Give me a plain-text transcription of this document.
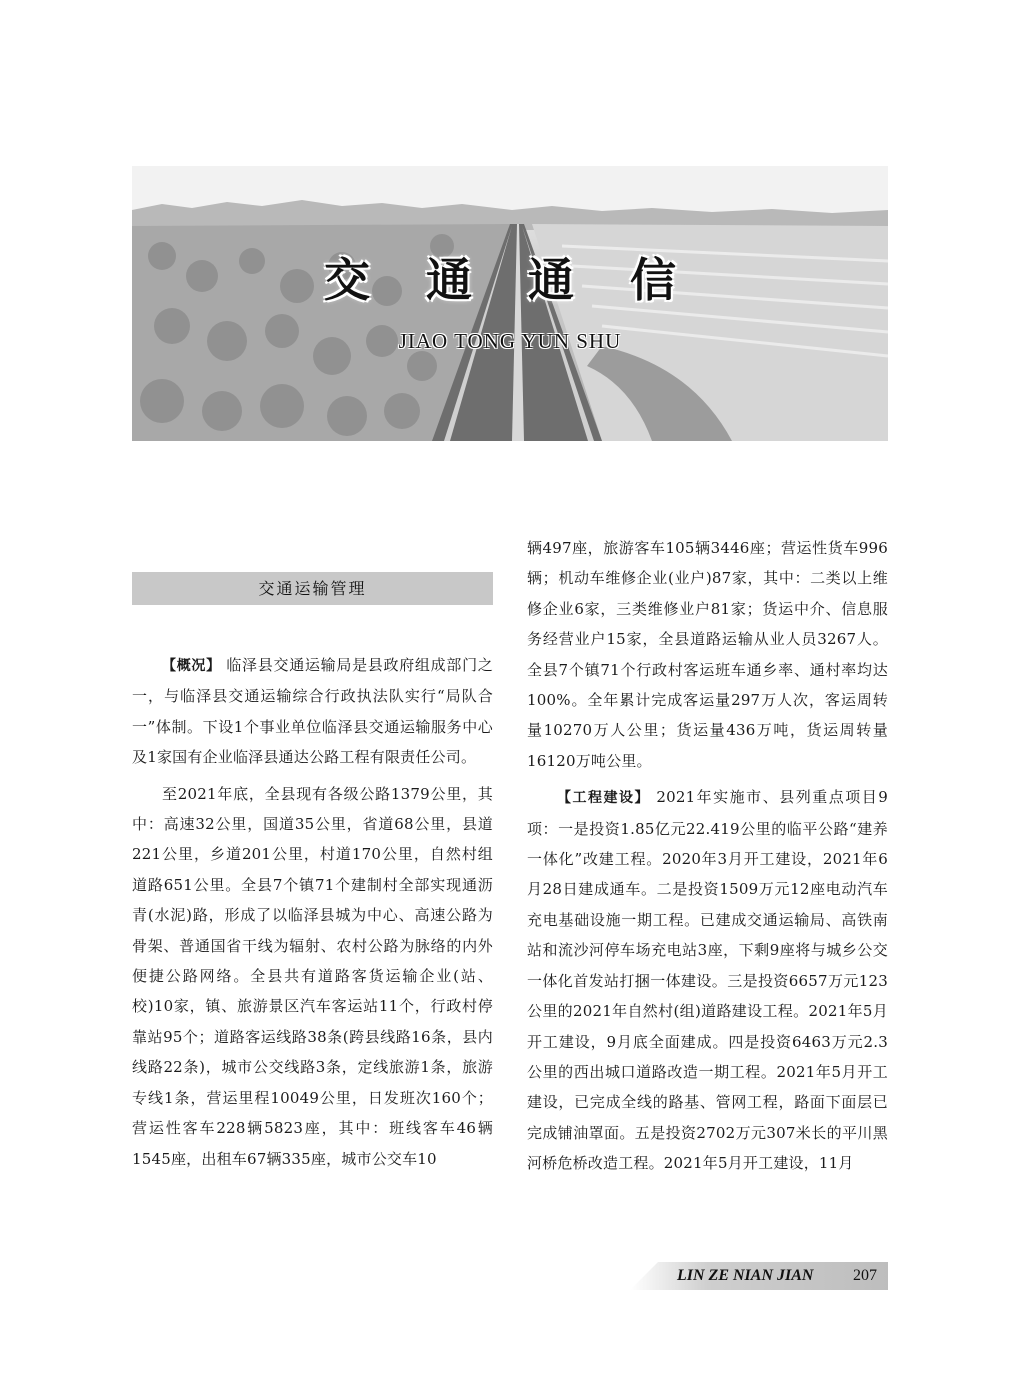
交 通 通 信
JIAO TONG YUN SHU
交通运输管理

【概况】 临泽县交通运输局是县政府组成部门之一，与临泽县交通运输综合行政执法队实行“局队合一”体制。下设1个事业单位临泽县交通运输服务中心及1家国有企业临泽县通达公路工程有限责任公司。

至2021年底，全县现有各级公路1379公里，其中：高速32公里，国道35公里，省道68公里，县道221公里，乡道201公里，村道170公里，自然村组道路651公里。全县7个镇71个建制村全部实现通沥青(水泥)路，形成了以临泽县城为中心、高速公路为骨架、普通国省干线为辐射、农村公路为脉络的内外便捷公路网络。全县共有道路客货运输企业(站、校)10家，镇、旅游景区汽车客运站11个，行政村停靠站95个；道路客运线路38条(跨县线路16条，县内线路22条)，城市公交线路3条，定线旅游1条，旅游专线1条，营运里程10049公里，日发班次160个；营运性客车228辆5823座，其中：班线客车46辆1545座，出租车67辆335座，城市公交车10

辆497座，旅游客车105辆3446座；营运性货车996辆；机动车维修企业(业户)87家，其中：二类以上维修企业6家，三类维修业户81家；货运中介、信息服务经营业户15家，全县道路运输从业人员3267人。全县7个镇71个行政村客运班车通乡率、通村率均达100%。全年累计完成客运量297万人次，客运周转量10270万人公里；货运量436万吨，货运周转量16120万吨公里。

【工程建设】 2021年实施市、县列重点项目9项：一是投资1.85亿元22.419公里的临平公路“建养一体化”改建工程。2020年3月开工建设，2021年6月28日建成通车。二是投资1509万元12座电动汽车充电基础设施一期工程。已建成交通运输局、高铁南站和流沙河停车场充电站3座，下剩9座将与城乡公交一体化首发站打捆一体建设。三是投资6657万元123公里的2021年自然村(组)道路建设工程。2021年5月开工建设，9月底全面建成。四是投资6463万元2.3公里的西出城口道路改造一期工程。2021年5月开工建设，已完成全线的路基、管网工程，路面下面层已完成铺油罩面。五是投资2702万元307米长的平川黑河桥危桥改造工程。2021年5月开工建设，11月

LIN ZE NIAN JIAN 207
